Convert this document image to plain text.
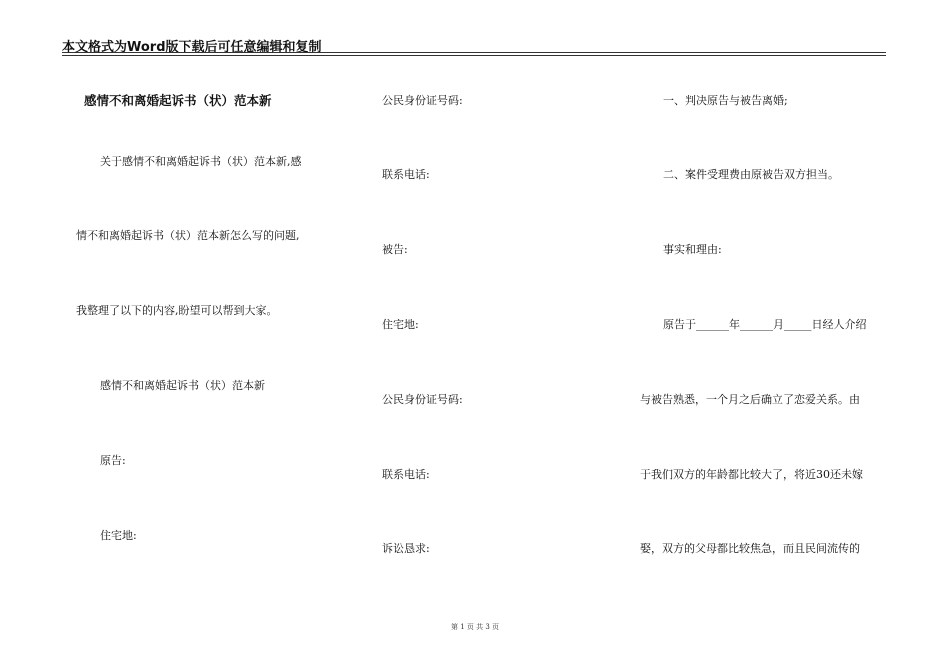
本文格式为Word版下载后可任意编辑和复制
感情不和离婚起诉书（状）范本新
关于感情不和离婚起诉书（状）范本新,感
情不和离婚起诉书（状）范本新怎么写的问题,
我整理了以下的内容,盼望可以帮到大家。
感情不和离婚起诉书（状）范本新
原告:
住宅地:
公民身份证号码:
联系电话:
被告:
住宅地:
公民身份证号码:
联系电话:
诉讼恳求:
一、判决原告与被告离婚;
二、案件受理费由原被告双方担当。
事实和理由:
原告于______年______月_____日经人介绍
与被告熟悉，一个月之后确立了恋爱关系。由
于我们双方的年龄都比较大了，将近30还未嫁
娶，双方的父母都比较焦急，而且民间流传的
第 1 页 共 3 页
